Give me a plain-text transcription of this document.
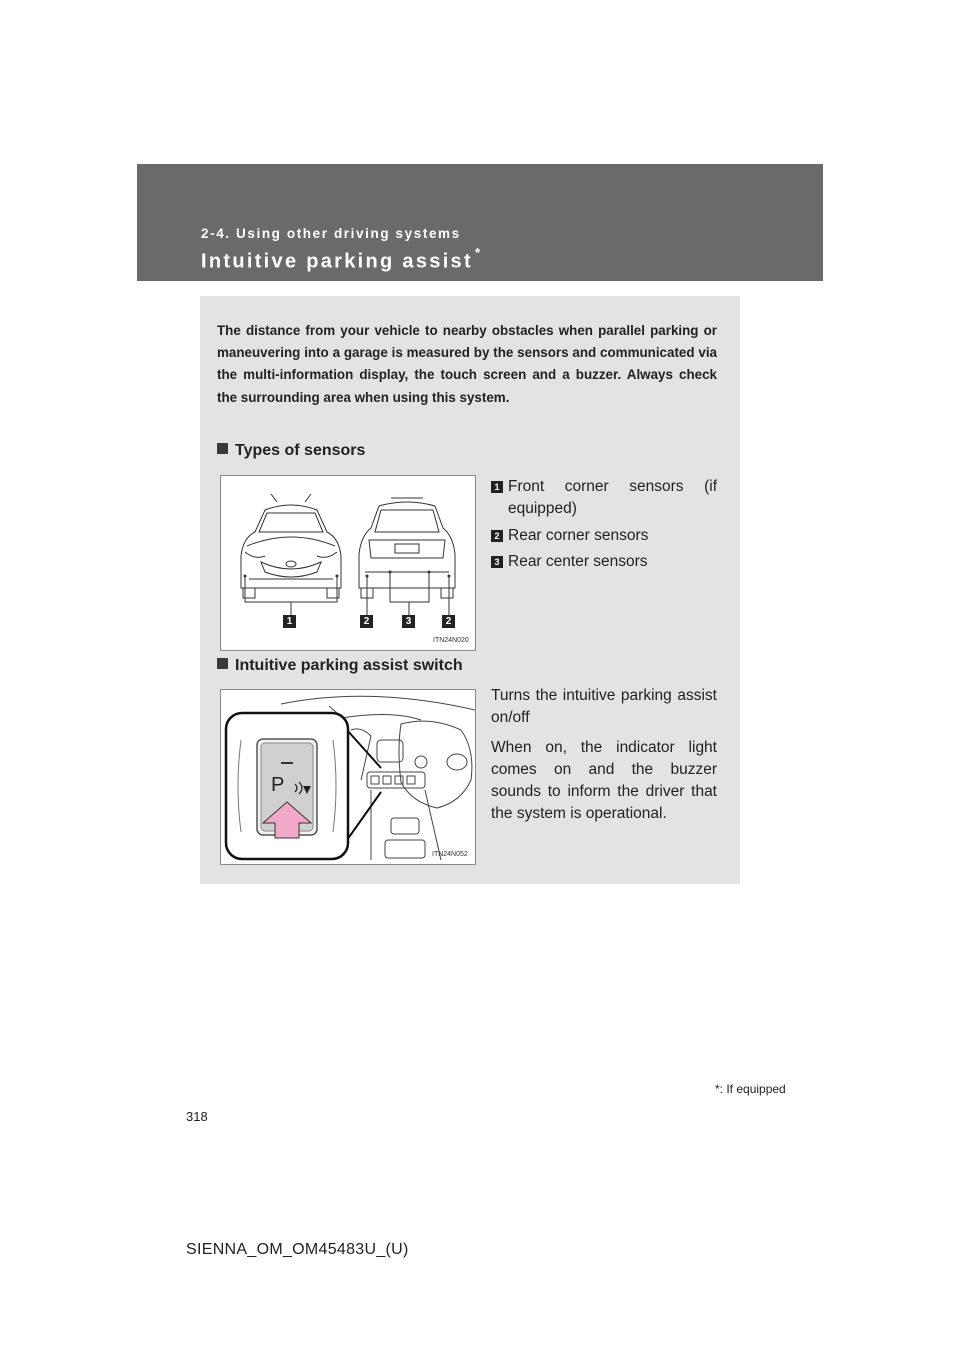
2-4. Using other driving systems
Intuitive parking assist *
The distance from your vehicle to nearby obstacles when parallel parking or maneuvering into a garage is measured by the sensors and communicated via the multi-information display, the touch screen and a buzzer. Always check the surrounding area when using this system.
Types of sensors
1	2	3	2
ITN24N020
1 Front corner sensors (if equipped)
2 Rear corner sensors
3 Rear center sensors
Intuitive parking assist switch
P
ITN24N052

Turns the intuitive parking assist on/off

When on, the indicator light comes on and the buzzer sounds to inform the driver that the system is operational.

*: If equipped
318
SIENNA_OM_OM45483U_(U)
